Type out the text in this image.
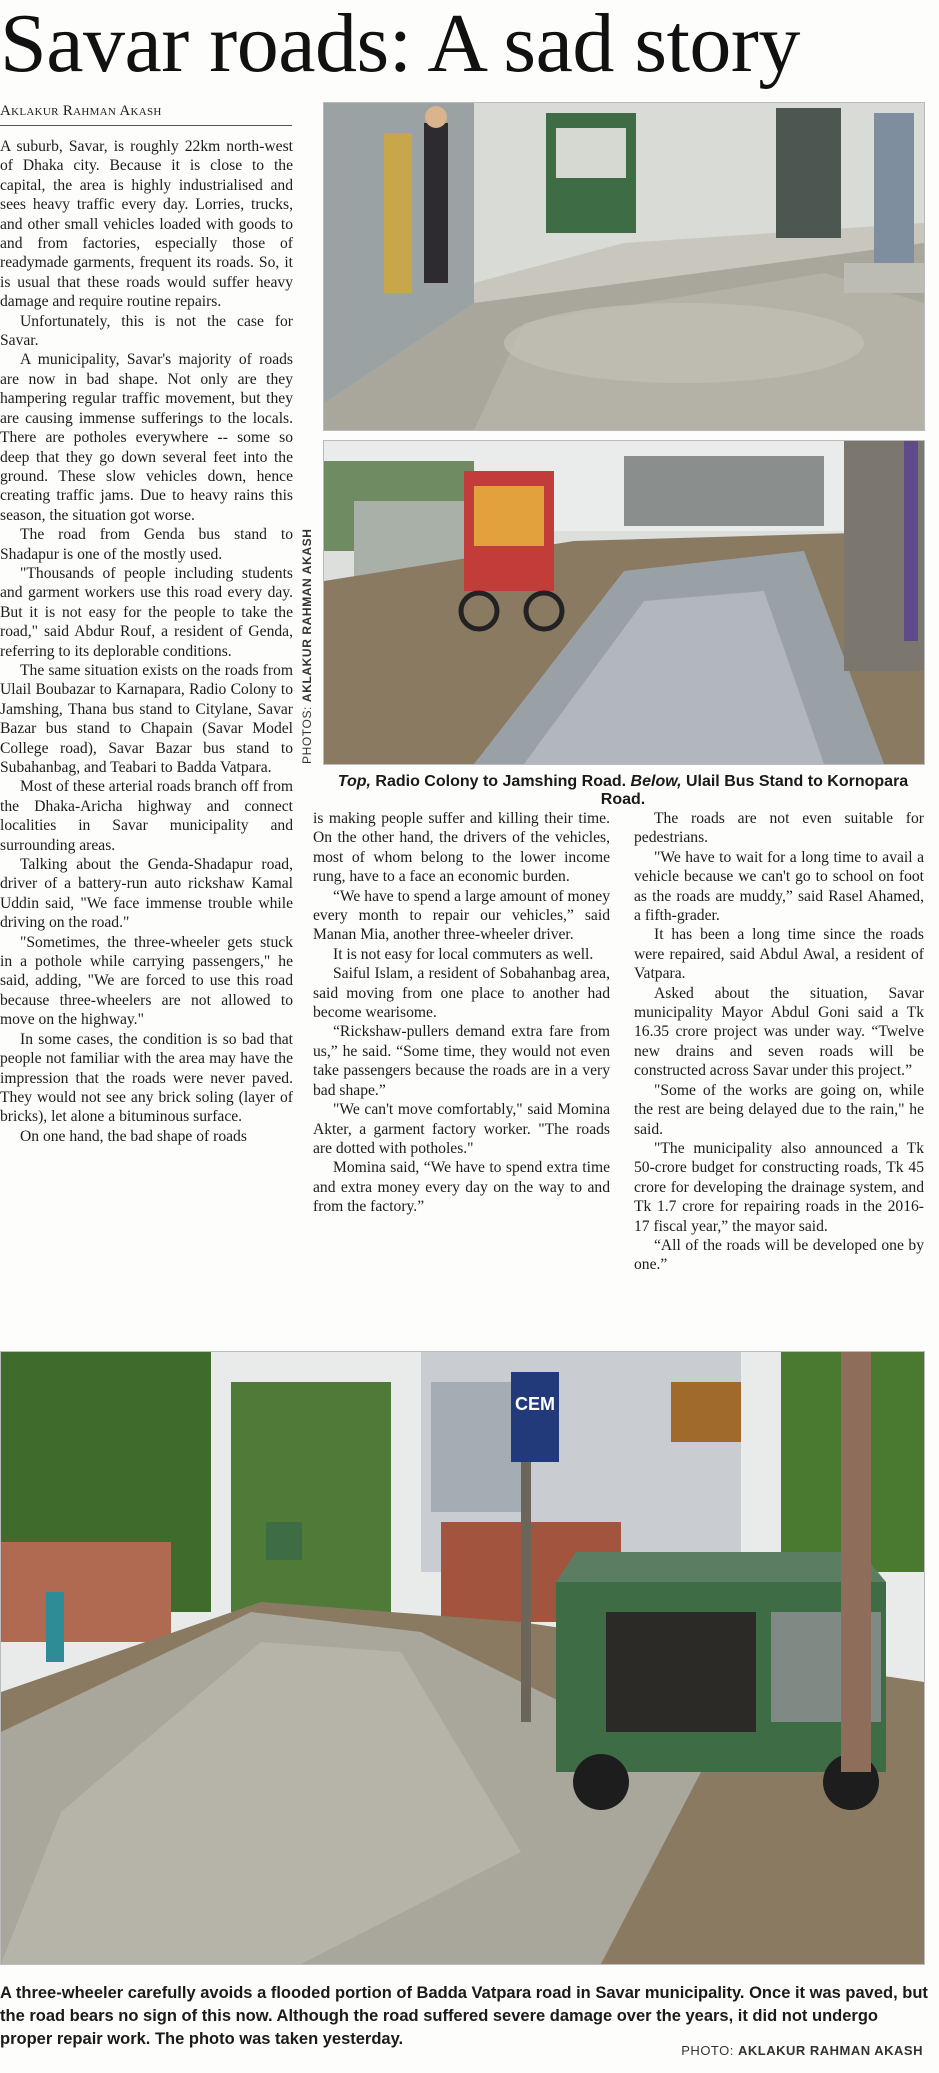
Savar roads: A sad story
Aklakur Rahman Akash

A suburb, Savar, is roughly 22km north-west of Dhaka city. Because it is close to the capital, the area is highly industrialised and sees heavy traffic every day. Lorries, trucks, and other small vehicles loaded with goods to and from factories, especially those of readymade garments, frequent its roads. So, it is usual that these roads would suffer heavy damage and require routine repairs.

Unfortunately, this is not the case for Savar.

A municipality, Savar's majority of roads are now in bad shape. Not only are they hampering regular traffic movement, but they are causing immense sufferings to the locals. There are potholes everywhere -- some so deep that they go down several feet into the ground. These slow vehicles down, hence creating traffic jams. Due to heavy rains this season, the situation got worse.

The road from Genda bus stand to Shadapur is one of the mostly used.

"Thousands of people including students and garment workers use this road every day. But it is not easy for the people to take the road," said Abdur Rouf, a resident of Genda, referring to its deplorable conditions.

The same situation exists on the roads from Ulail Boubazar to Karnapara, Radio Colony to Jamshing, Thana bus stand to Citylane, Savar Bazar bus stand to Chapain (Savar Model College road), Savar Bazar bus stand to Subahanbag, and Teabari to Badda Vatpara.

Most of these arterial roads branch off from the Dhaka-Aricha highway and connect localities in Savar municipality and surrounding areas.

Talking about the Genda-Shadapur road, driver of a battery-run auto rickshaw Kamal Uddin said, "We face immense trouble while driving on the road."

"Sometimes, the three-wheeler gets stuck in a pothole while carrying passengers," he said, adding, "We are forced to use this road because three-wheelers are not allowed to move on the highway."

In some cases, the condition is so bad that people not familiar with the area may have the impression that the roads were never paved. They would not see any brick soling (layer of bricks), let alone a bituminous surface.

On one hand, the bad shape of roads

PHOTOS: AKLAKUR RAHMAN AKASH
Top, Radio Colony to Jamshing Road. Below, Ulail Bus Stand to Kornopara Road.

is making people suffer and killing their time. On the other hand, the drivers of the vehicles, most of whom belong to the lower income rung, have to a face an economic burden.

“We have to spend a large amount of money every month to repair our vehicles,” said Manan Mia, another three-wheeler driver.

It is not easy for local commuters as well.

Saiful Islam, a resident of Sobahanbag area, said moving from one place to another had become wearisome.

“Rickshaw-pullers demand extra fare from us,” he said. “Some time, they would not even take passengers because the roads are in a very bad shape.”

"We can't move comfortably," said Momina Akter, a garment factory worker. "The roads are dotted with potholes."

Momina said, “We have to spend extra time and extra money every day on the way to and from the factory.”

The roads are not even suitable for pedestrians.

"We have to wait for a long time to avail a vehicle because we can't go to school on foot as the roads are muddy,” said Rasel Ahamed, a fifth-grader.

It has been a long time since the roads were repaired, said Abdul Awal, a resident of Vatpara.

Asked about the situation, Savar municipality Mayor Abdul Goni said a Tk 16.35 crore project was under way. “Twelve new drains and seven roads will be constructed across Savar under this project.”

"Some of the works are going on, while the rest are being delayed due to the rain," he said.

"The municipality also announced a Tk 50-crore budget for constructing roads, Tk 45 crore for developing the drainage system, and Tk 1.7 crore for repairing roads in the 2016-17 fiscal year,” the mayor said.

“All of the roads will be developed one by one.”

CEM
A three-wheeler carefully avoids a flooded portion of Badda Vatpara road in Savar municipality. Once it was paved, but the road bears no sign of this now. Although the road suffered severe damage over the years, it did not undergo proper repair work. The photo was taken yesterday.
PHOTO: AKLAKUR RAHMAN AKASH
